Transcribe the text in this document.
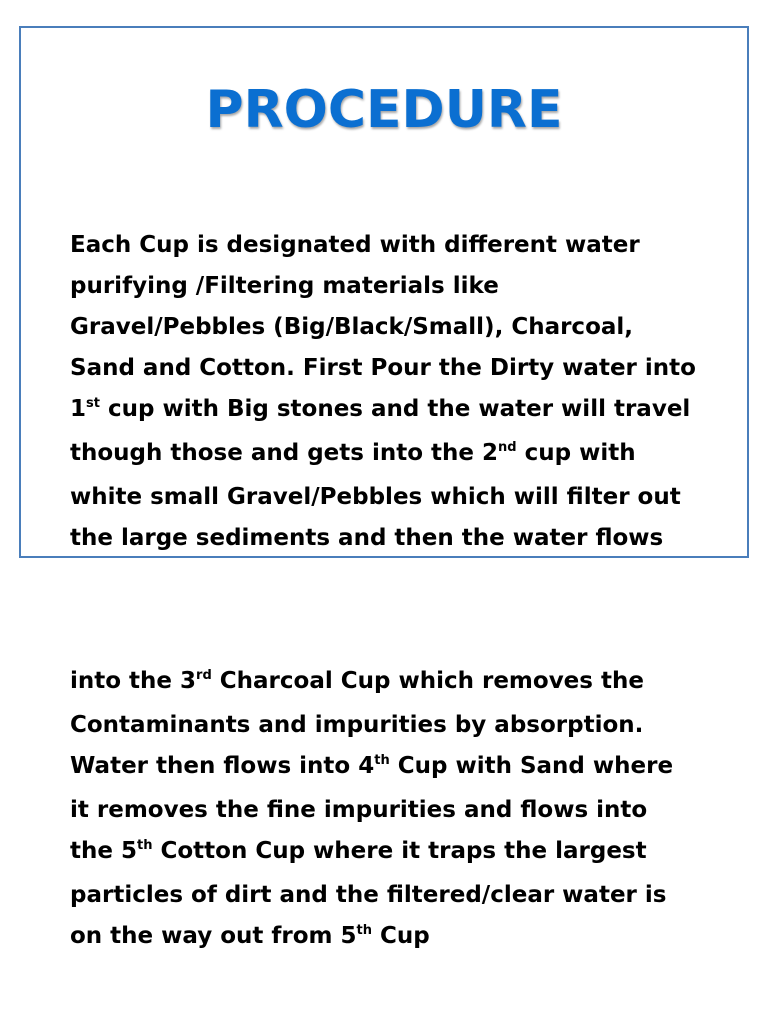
PROCEDURE
Each Cup is designated with different water
purifying /Filtering materials like
Gravel/Pebbles (Big/Black/Small), Charcoal,
Sand and Cotton. First Pour the Dirty water into
1st cup with Big stones and the water will travel
though those and gets into the 2nd cup with
white small Gravel/Pebbles which will filter out
the large sediments and then the water flows
into the 3rd Charcoal Cup which removes the
Contaminants and impurities by absorption.
Water then flows into 4th Cup with Sand where
it removes the fine impurities and flows into
the 5th Cotton Cup where it traps the largest
particles of dirt and the filtered/clear water is
on the way out from 5th Cup
